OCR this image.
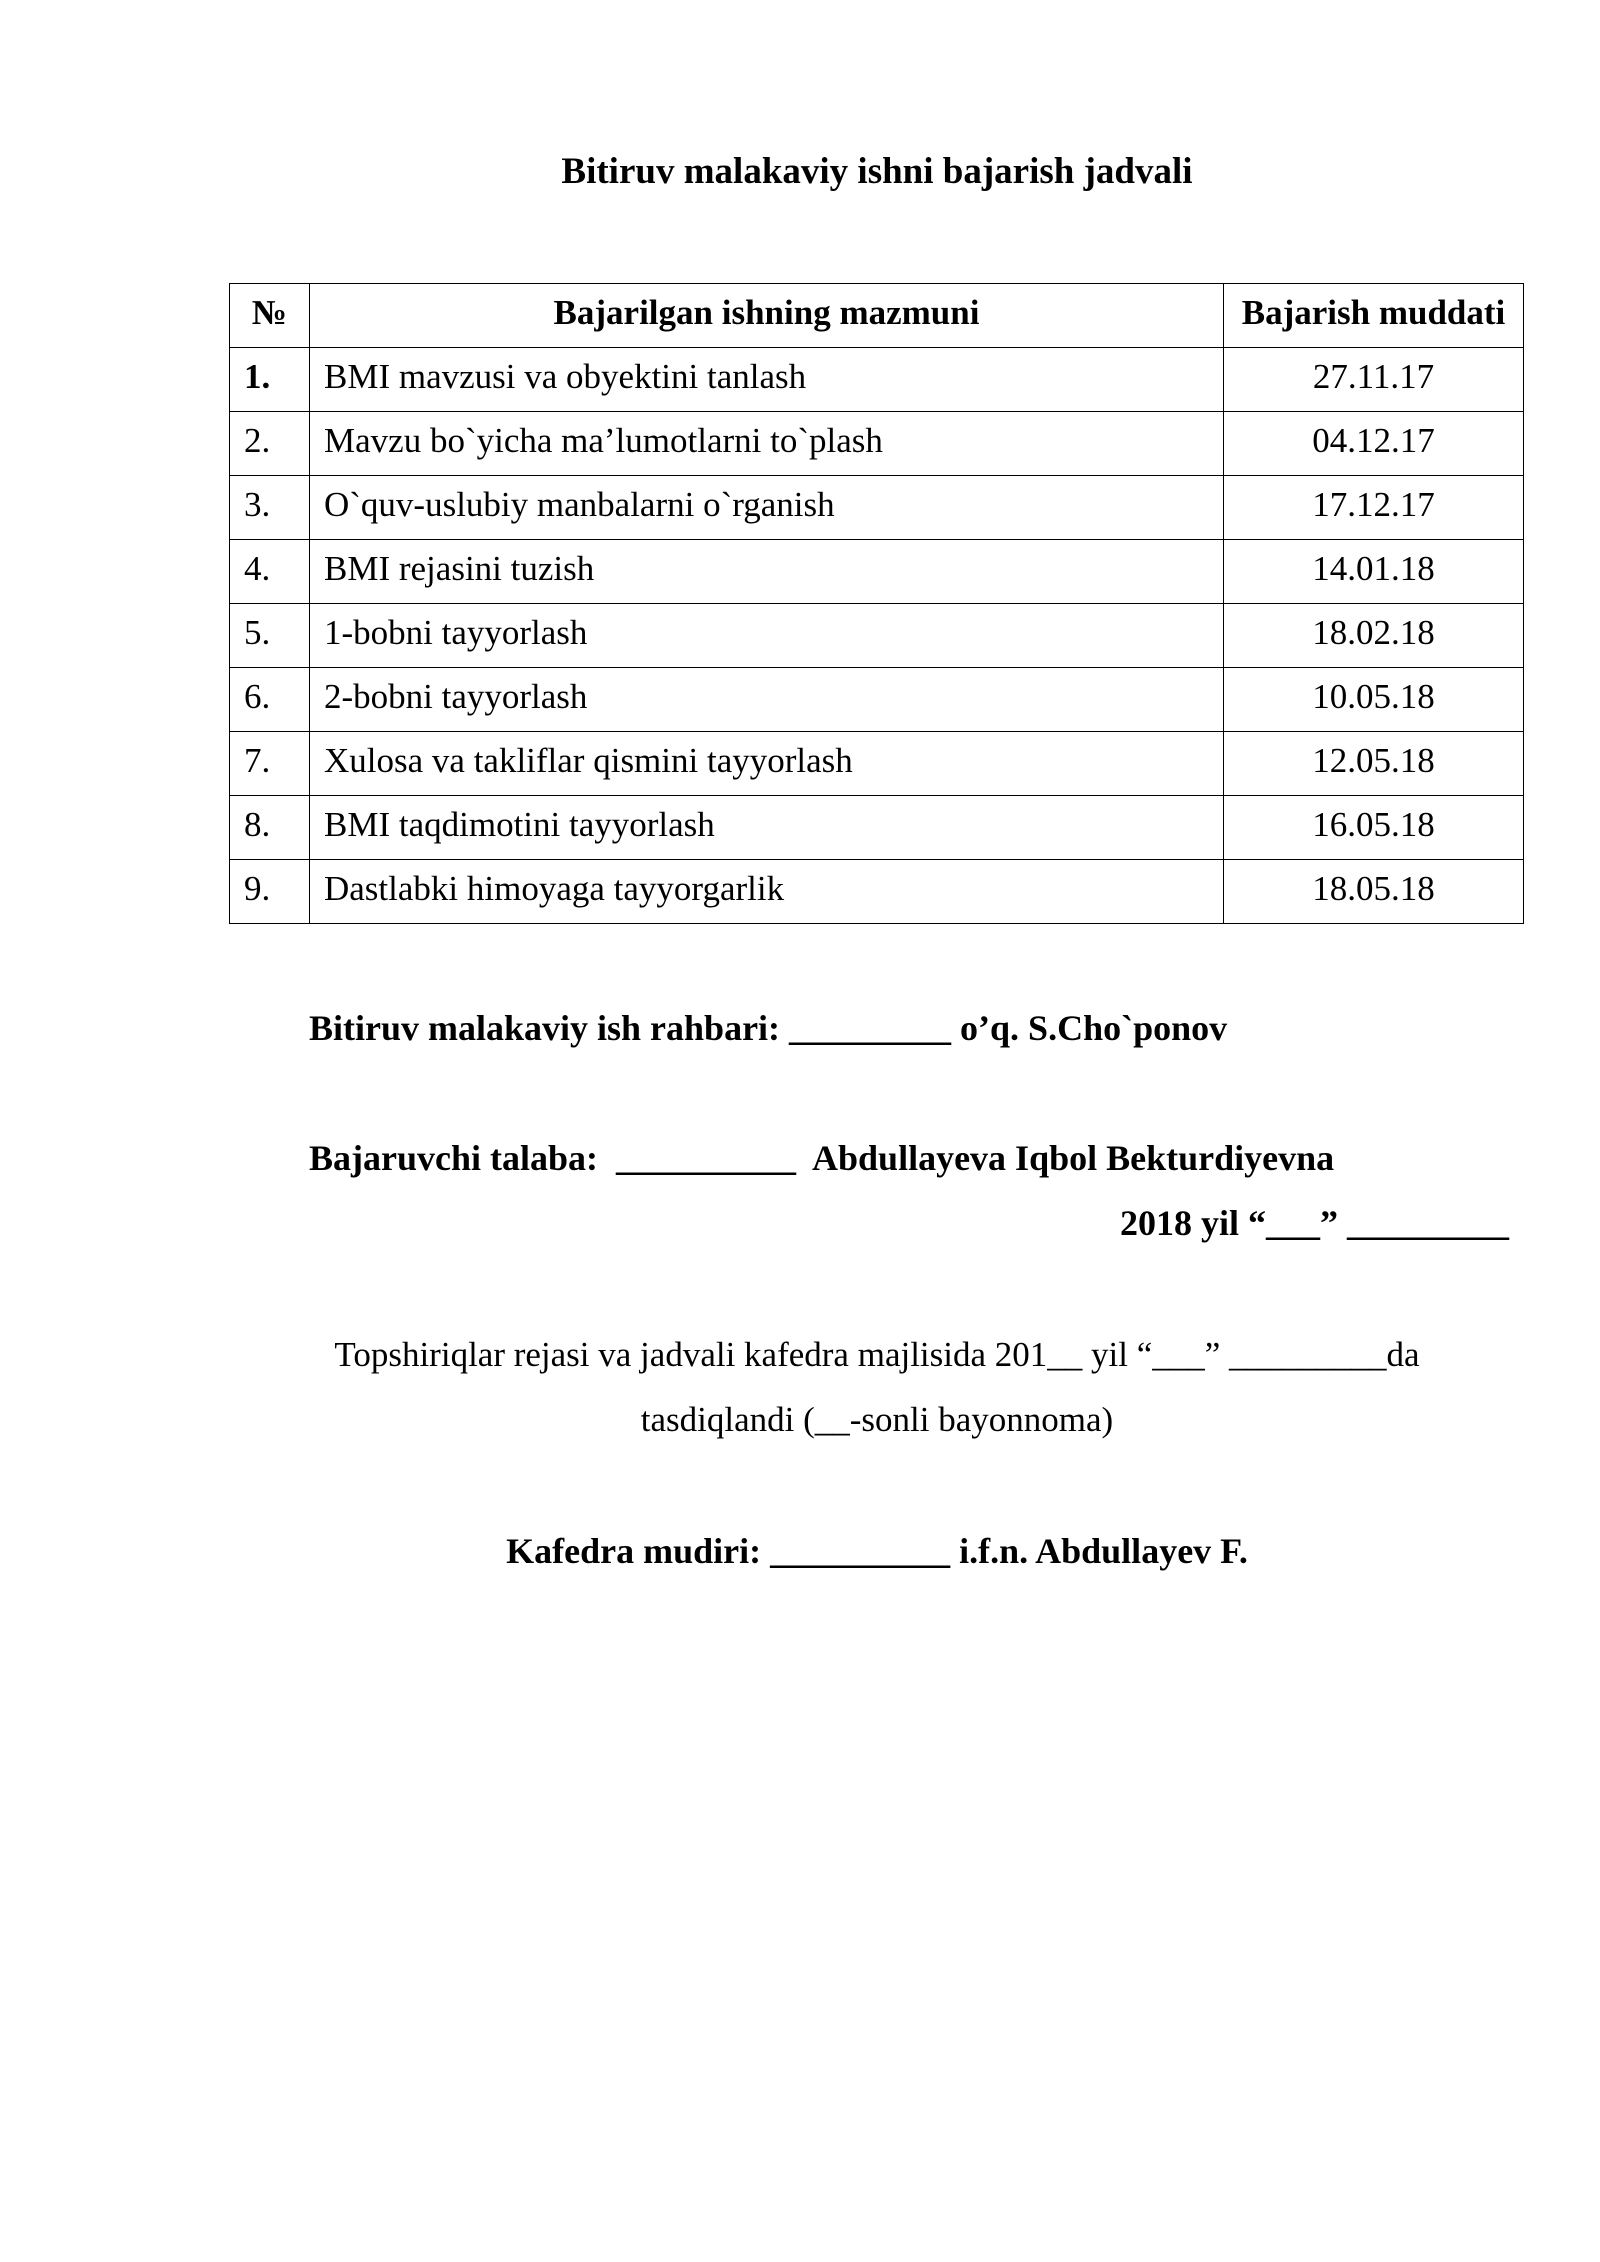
Bitiruv malakaviy ishni bajarish jadvali
№	Bajarilgan ishning mazmuni	Bajarish muddati
1.	BMI mavzusi va obyektini tanlash	27.11.17
2.	Mavzu bo`yicha ma’lumotlarni to`plash	04.12.17
3.	O`quv-uslubiy manbalarni o`rganish	17.12.17
4.	BMI rejasini tuzish	14.01.18
5.	1-bobni tayyorlash	18.02.18
6.	2-bobni tayyorlash	10.05.18
7.	Xulosa va takliflar qismini tayyorlash	12.05.18
8.	BMI taqdimotini tayyorlash	16.05.18
9.	Dastlabki himoyaga tayyorgarlik	18.05.18
Bitiruv malakaviy ish rahbari: _________ o’q. S.Cho`ponov
Bajaruvchi talaba:  __________  Abdullayeva Iqbol Bekturdiyevna
2018 yil “___” _________
Topshiriqlar rejasi va jadvali kafedra majlisida 201__ yil “___” _________da
tasdiqlandi (__-sonli bayonnoma)
Kafedra mudiri: __________ i.f.n. Abdullayev F.
